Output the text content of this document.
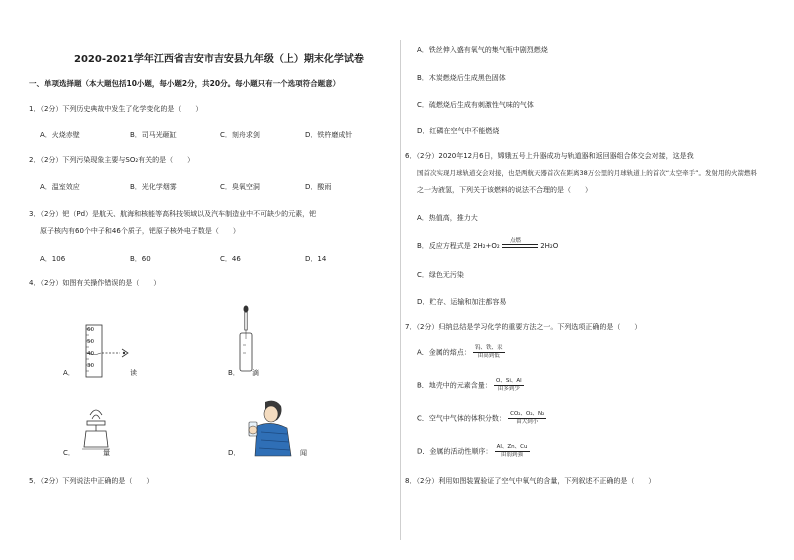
2020-2021学年江西省吉安市吉安县九年级（上）期末化学试卷
一、单项选择题（本大题包括10小题，每小题2分，共20分。每小题只有一个选项符合题意）
1．（2分）下列历史典故中发生了化学变化的是（　　）
A．火烧赤壁	B．司马光砸缸	C．刻舟求剑	D．铁杵磨成针
2．（2分）下列污染现象主要与SO₂有关的是（　　）
A．温室效应	B．光化学烟雾	C．臭氧空洞	D．酸雨
3．（2分）钯（Pd）是航天、航海和核能等高科技领域以及汽车制造业中不可缺少的元素，钯
原子核内有60个中子和46个质子，钯原子核外电子数是（　　）
A．106	B．60	C．46	D．14
4．（2分）如图有关操作错误的是（　　）
60
50
40
30
A．	读	B． 滴
C．	量	D．	闻
5．（2分）下列说法中正确的是（　　）
A．铁丝伸入盛有氧气的集气瓶中剧烈燃烧
B．木炭燃烧后生成黑色固体
C．硫燃烧后生成有刺激性气味的气体
D．红磷在空气中不能燃烧
6．（2分）2020年12月6日，嫦娥五号上升器成功与轨道器和返回器组合体交会对接，这是我
国首次实现月球轨道交会对接，也是两航天器首次在距离38万公里的月球轨道上的首次“太空牵手”。发射用的火箭燃料
之一为液氢，下列关于该燃料的说法不合理的是（　　）
A．热值高，推力大
B．反应方程式是 2H₂+O₂
点燃
2H₂O
C．绿色无污染
D．贮存、运输和加注都容易
7．（2分）归纳总结是学习化学的重要方法之一。下列选项正确的是（　　）
A．金属的熔点： $\frac{\text{钨、铁、汞}}{\text{由高到低}}$
B．地壳中的元素含量： $\frac{O、Si、Al}{\text{由多到少}}$
C．空气中气体的体积分数： $\frac{\text{CO₂、O₂、N₂}}{\text{由大到小}}$
D．金属的活动性顺序： $\frac{Al、Zn、Cu}{\text{由弱到强}}$
8．（2分）利用如图装置验证了空气中氧气的含量，下列叙述不正确的是（　　）
